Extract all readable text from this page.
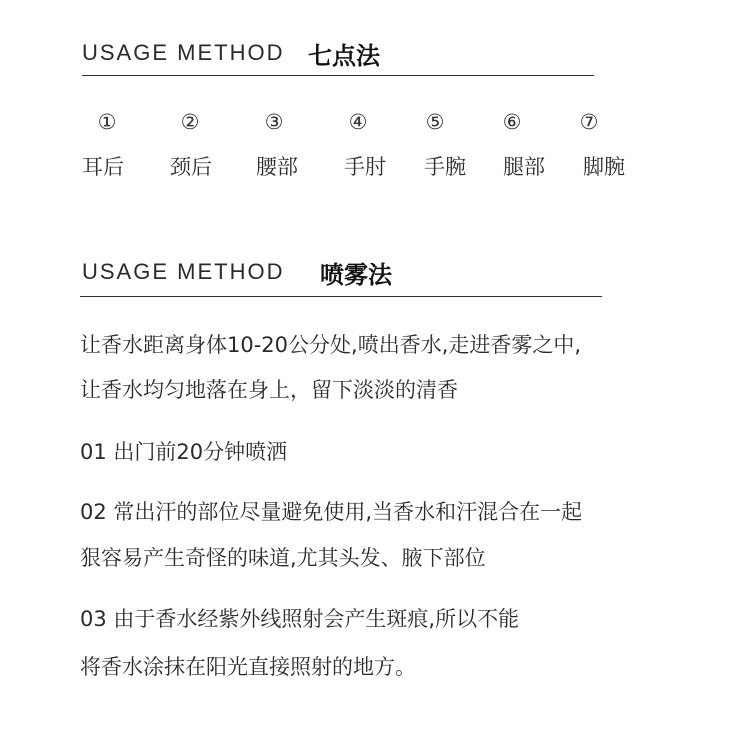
USAGE METHOD 七点法
①	②	③	④	⑤	⑥	⑦
耳后 颈后 腰部 手肘 手腕 腿部 脚腕
USAGE METHOD 喷雾法
让香水距离身体10-20公分处,喷出香水,走进香雾之中,
让香水均匀地落在身上，留下淡淡的清香
01 出门前20分钟喷洒
02 常出汗的部位尽量避免使用,当香水和汗混合在一起
狠容易产生奇怪的味道,尤其头发、腋下部位
03 由于香水经紫外线照射会产生斑痕,所以不能
将香水涂抹在阳光直接照射的地方。
